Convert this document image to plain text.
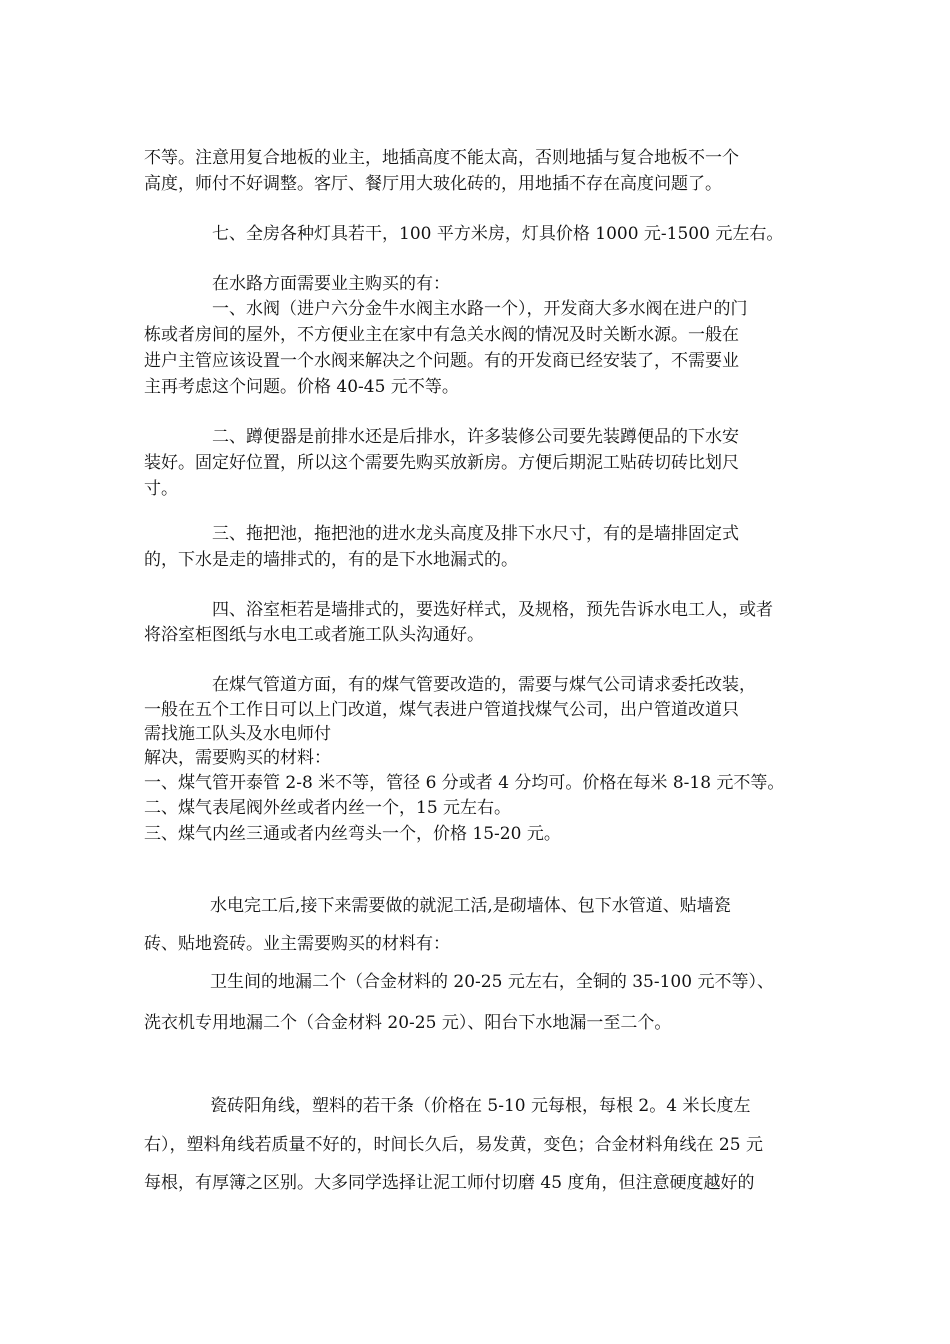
不等。注意用复合地板的业主，地插高度不能太高，否则地插与复合地板不一个
高度，师付不好调整。客厅、餐厅用大玻化砖的，用地插不存在高度问题了。
七、全房各种灯具若干，100 平方米房，灯具价格 1000 元-1500 元左右。
在水路方面需要业主购买的有：
一、水阀（进户六分金牛水阀主水路一个），开发商大多水阀在进户的门
栋或者房间的屋外，不方便业主在家中有急关水阀的情况及时关断水源。一般在
进户主管应该设置一个水阀来解决之个问题。有的开发商已经安装了，不需要业
主再考虑这个问题。价格 40-45 元不等。
二、蹲便器是前排水还是后排水，许多装修公司要先装蹲便品的下水安
装好。固定好位置，所以这个需要先购买放新房。方便后期泥工贴砖切砖比划尺
寸。
三、拖把池，拖把池的进水龙头高度及排下水尺寸，有的是墙排固定式
的，下水是走的墙排式的，有的是下水地漏式的。
四、浴室柜若是墙排式的，要选好样式，及规格，预先告诉水电工人，或者
将浴室柜图纸与水电工或者施工队头沟通好。
在煤气管道方面，有的煤气管要改造的，需要与煤气公司请求委托改装，
一般在五个工作日可以上门改道，煤气表进户管道找煤气公司，出户管道改道只
需找施工队头及水电师付
解决，需要购买的材料：
一、煤气管开泰管 2-8 米不等，管径 6 分或者 4 分均可。价格在每米 8-18 元不等。
二、煤气表尾阀外丝或者内丝一个，15 元左右。
三、煤气内丝三通或者内丝弯头一个，价格 15-20 元。
水电完工后,接下来需要做的就泥工活,是砌墙体、包下水管道、贴墙瓷
砖、贴地瓷砖。业主需要购买的材料有：
卫生间的地漏二个（合金材料的 20-25 元左右，全铜的 35-100 元不等）、
洗衣机专用地漏二个（合金材料 20-25 元）、阳台下水地漏一至二个。
瓷砖阳角线，塑料的若干条（价格在 5-10 元每根，每根 2。4 米长度左
右），塑料角线若质量不好的，时间长久后，易发黄，变色；合金材料角线在 25 元
每根，有厚簿之区别。大多同学选择让泥工师付切磨 45 度角，但注意硬度越好的
